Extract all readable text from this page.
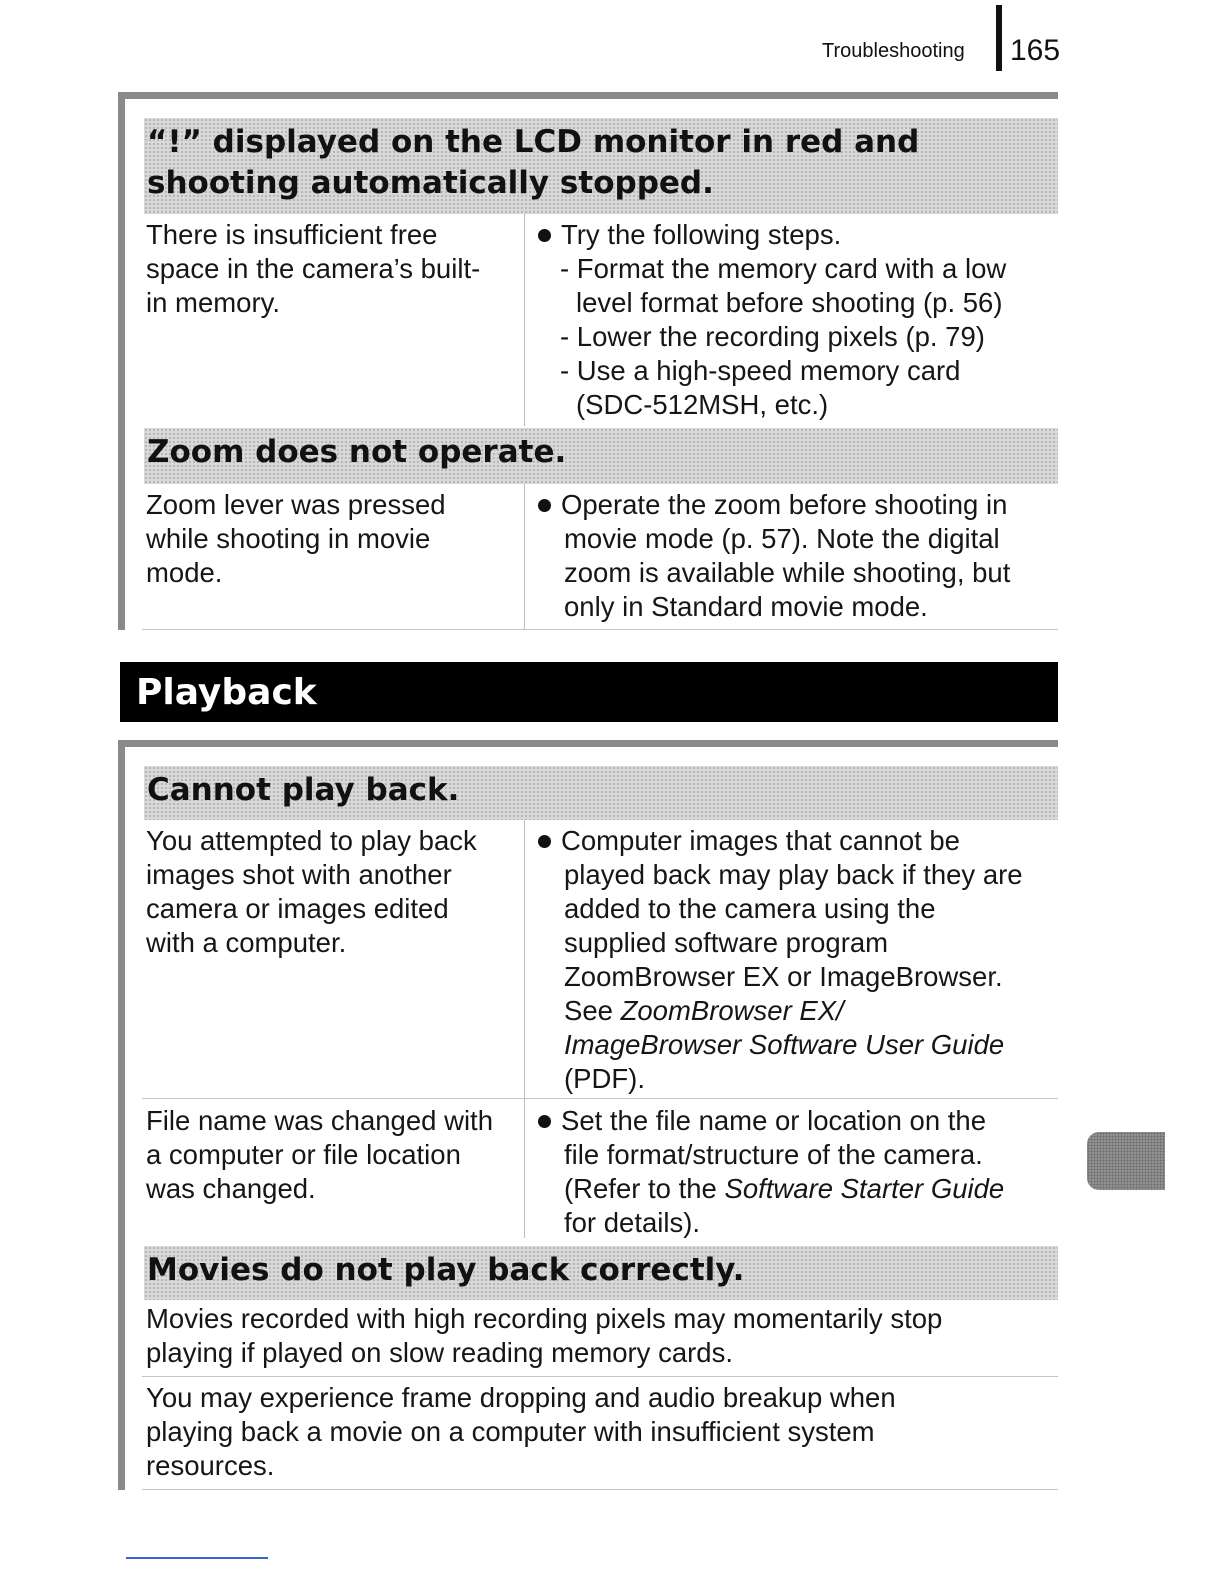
Troubleshooting 165
“!” displayed on the LCD monitor in red and
shooting automatically stopped.
There is insufficient free
space in the camera’s built-
in memory.
Try the following steps.
- Format the memory card with a low
level format before shooting (p. 56)
- Lower the recording pixels (p. 79)
- Use a high-speed memory card
(SDC-512MSH, etc.)
Zoom does not operate.
Zoom lever was pressed
while shooting in movie
mode.
Operate the zoom before shooting in
movie mode (p. 57). Note the digital
zoom is available while shooting, but
only in Standard movie mode.
Playback
Cannot play back.
You attempted to play back
images shot with another
camera or images edited
with a computer.
Computer images that cannot be
played back may play back if they are
added to the camera using the
supplied software program
ZoomBrowser EX or ImageBrowser.
See ZoomBrowser EX/
ImageBrowser Software User Guide
(PDF).
File name was changed with
a computer or file location
was changed.
Set the file name or location on the
file format/structure of the camera.
(Refer to the Software Starter Guide
for details).
Movies do not play back correctly.
Movies recorded with high recording pixels may momentarily stop
playing if played on slow reading memory cards.
You may experience frame dropping and audio breakup when
playing back a movie on a computer with insufficient system
resources.
